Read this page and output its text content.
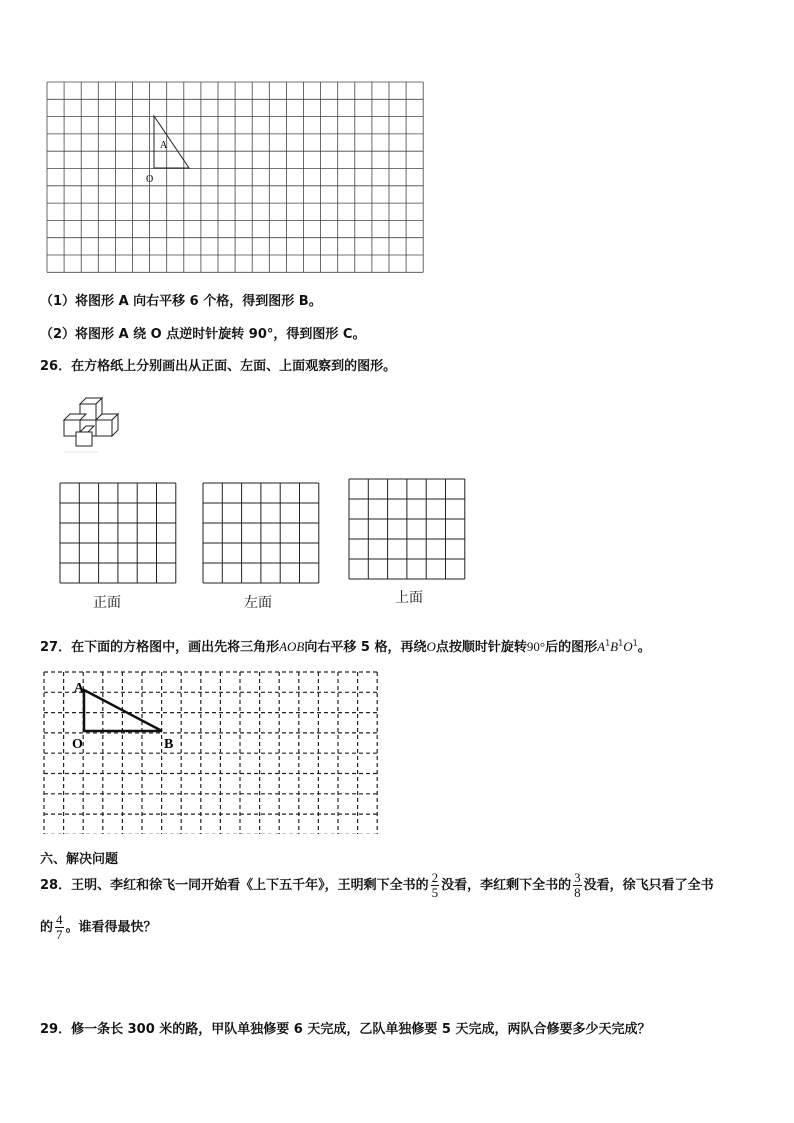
A
O
（1）将图形 A 向右平移 6 个格，得到图形 B。
（2）将图形 A 绕 O 点逆时针旋转 90°，得到图形 C。
26．在方格纸上分别画出从正面、左面、上面观察到的图形。
正面	左面	上面
27．在下面的方格图中，画出先将三角形AOB向右平移 5 格，再绕O点按顺时针旋转90°后的图形$A^1B^1O^1$。
A
O	B
六、解决问题
28．王明、李红和徐飞一同开始看《上下五千年》，王明剩下全书的 $\frac{2}{5}$ 没看，李红剩下全书的 $\frac{3}{8}$ 没看，徐飞只看了全书
的 $\frac{4}{7}$ 。谁看得最快？
29．修一条长 300 米的路，甲队单独修要 6 天完成，乙队单独修要 5 天完成，两队合修要多少天完成？
